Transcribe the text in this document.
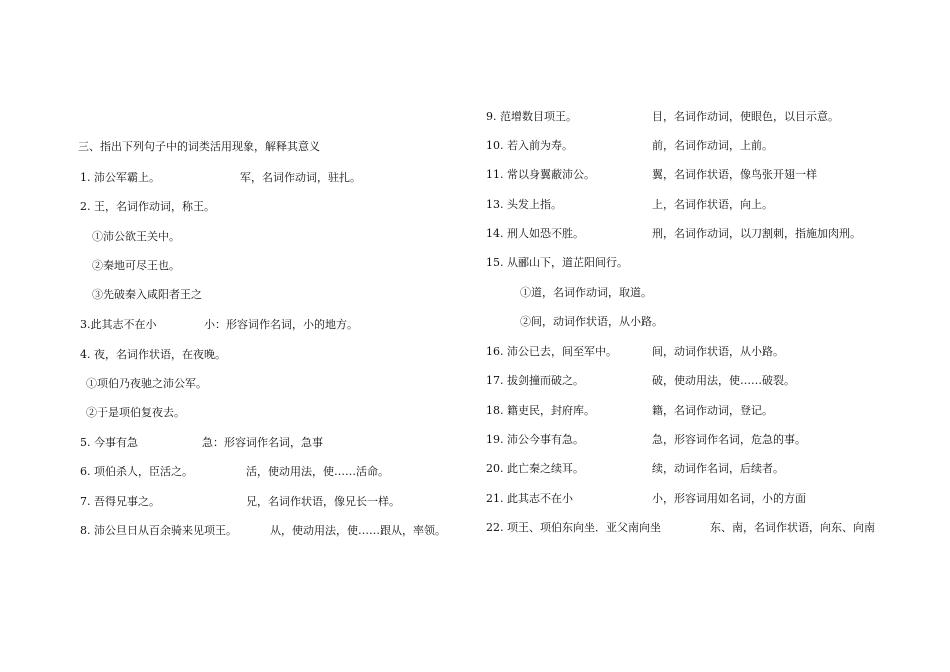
三、指出下列句子中的词类活用现象，解释其意义
1. 沛公军霸上。	军，名词作动词，驻扎。
2. 王，名词作动词，称王。
①沛公欲王关中。
②秦地可尽王也。
③先破秦入咸阳者王之
3.此其志不在小	小：形容词作名词，小的地方。
4. 夜，名词作状语，在夜晚。
①项伯乃夜驰之沛公军。
②于是项伯复夜去。
5. 今事有急	急：形容词作名词，急事
6. 项伯杀人，臣活之。	活，使动用法，使……活命。
7. 吾得兄事之。	兄，名词作状语，像兄长一样。
8. 沛公旦日从百余骑来见项王。	从，使动用法，使……跟从，率领。
9. 范增数目项王。	目，名词作动词，使眼色，以目示意。
10. 若入前为寿。	前，名词作动词，上前。
11. 常以身翼蔽沛公。	翼，名词作状语，像鸟张开翅一样
13. 头发上指。	上，名词作状语，向上。
14. 刑人如恐不胜。	刑，名词作动词，以刀割刺，指施加肉刑。
15. 从郦山下，道芷阳间行。
①道，名词作动词，取道。
②间，动词作状语，从小路。
16. 沛公已去，间至军中。	间，动词作状语，从小路。
17. 拔剑撞而破之。	破，使动用法，使……破裂。
18. 籍吏民，封府库。	籍，名词作动词，登记。
19. 沛公今事有急。	急，形容词作名词，危急的事。
20. 此亡秦之续耳。	续，动词作名词，后续者。
21. 此其志不在小	小，形容词用如名词，小的方面
22. 项王、项伯东向坐．亚父南向坐	东、南，名词作状语，向东、向南
